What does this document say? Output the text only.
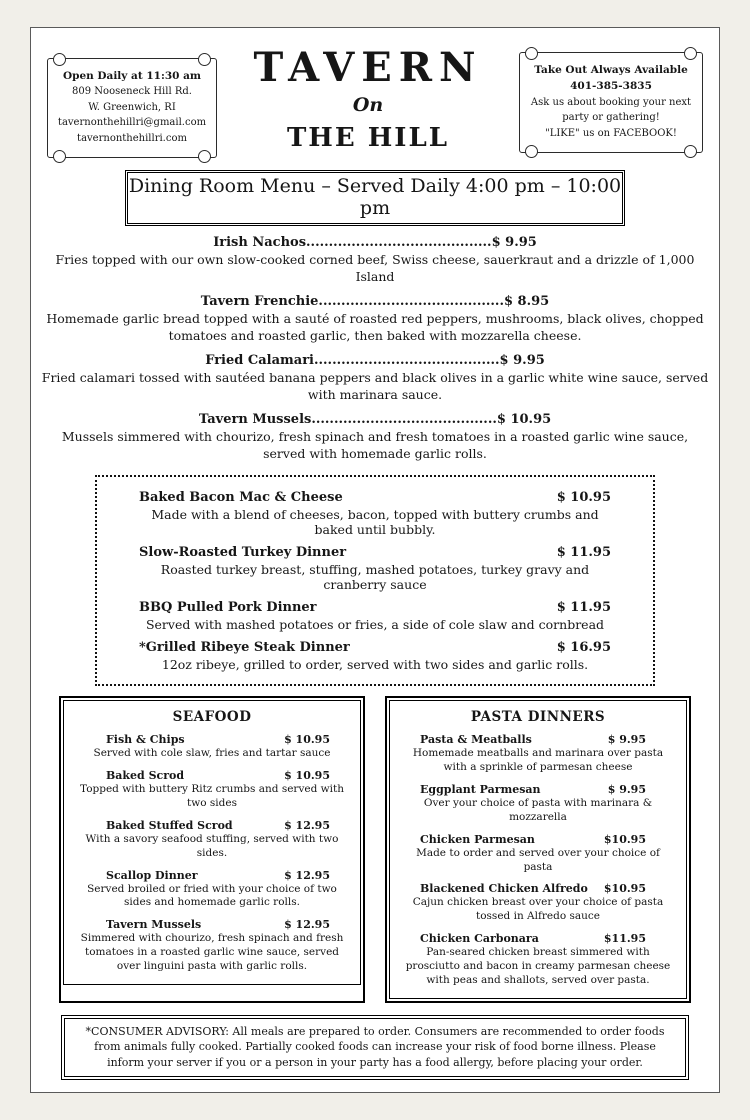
Open Daily at 11:30 am
809 Nooseneck Hill Rd.
W. Greenwich, RI
tavernonthehillri@gmail.com
tavernonthehillri.com
TAVERN
On
THE HILL
Take Out Always Available
401-385-3835
Ask us about booking your next
party or gathering!
"LIKE" us on FACEBOOK!
Dining Room Menu – Served Daily 4:00 pm – 10:00 pm
Irish Nachos.........................................$ 9.95
Fries topped with our own slow-cooked corned beef, Swiss cheese, sauerkraut and a drizzle of 1,000 Island
Tavern Frenchie.........................................$ 8.95
Homemade garlic bread topped with a sauté of roasted red peppers, mushrooms, black olives, chopped tomatoes and roasted garlic, then baked with mozzarella cheese.
Fried Calamari.........................................$ 9.95
Fried calamari tossed with sautéed banana peppers and black olives in a garlic white wine sauce, served with marinara sauce.
Tavern Mussels.........................................$ 10.95
Mussels simmered with chourizo, fresh spinach and fresh tomatoes in a roasted garlic wine sauce, served with homemade garlic rolls.
Baked Bacon Mac & Cheese	$ 10.95
Made with a blend of cheeses, bacon, topped with buttery crumbs and baked until bubbly.
Slow-Roasted Turkey Dinner	$ 11.95
Roasted turkey breast, stuffing, mashed potatoes, turkey gravy and cranberry sauce
BBQ Pulled Pork Dinner	$ 11.95
Served with mashed potatoes or fries, a side of cole slaw and cornbread
*Grilled Ribeye Steak Dinner	$ 16.95
12oz ribeye, grilled to order, served with two sides and garlic rolls.
SEAFOOD
Fish & Chips	$ 10.95
Served with cole slaw, fries and tartar sauce
Baked Scrod	$ 10.95
Topped with buttery Ritz crumbs and served with two sides
Baked Stuffed Scrod	$ 12.95
With a savory seafood stuffing, served with two sides.
Scallop Dinner	$ 12.95
Served broiled or fried with your choice of two sides and homemade garlic rolls.
Tavern Mussels	$ 12.95
Simmered with chourizo, fresh spinach and fresh tomatoes in a roasted garlic wine sauce, served over linguini pasta with garlic rolls.
PASTA DINNERS
Pasta & Meatballs	$ 9.95
Homemade meatballs and marinara over pasta with a sprinkle of parmesan cheese
Eggplant Parmesan	$ 9.95
Over your choice of pasta with marinara & mozzarella
Chicken Parmesan	$10.95
Made to order and served over your choice of pasta
Blackened Chicken Alfredo $10.95
Cajun chicken breast over your choice of pasta tossed in Alfredo sauce
Chicken Carbonara	$11.95
Pan-seared chicken breast simmered with prosciutto and bacon in creamy parmesan cheese with peas and shallots, served over pasta.
*CONSUMER ADVISORY: All meals are prepared to order. Consumers are recommended to order foods from animals fully cooked. Partially cooked foods can increase your risk of food borne illness. Please inform your server if you or a person in your party has a food allergy, before placing your order.
